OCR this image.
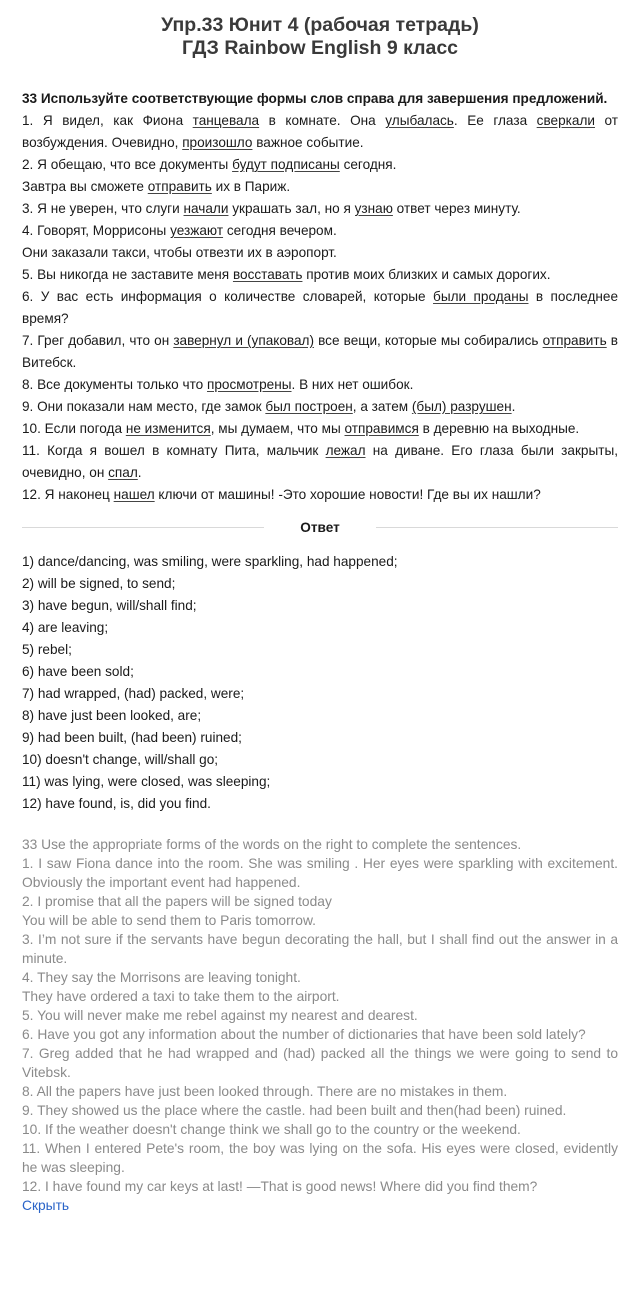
Упр.33 Юнит 4 (рабочая тетрадь)
ГДЗ Rainbow English 9 класс

33 Используйте соответствующие формы слов справа для завершения предложений.

1. Я видел, как Фиона танцевала в комнате. Она улыбалась. Ее глаза сверкали от возбуждения. Очевидно, произошло важное событие.

2. Я обещаю, что все документы будут подписаны сегодня.

Завтра вы сможете отправить их в Париж.

3. Я не уверен, что слуги начали украшать зал, но я узнаю ответ через минуту.

4. Говорят, Моррисоны уезжают сегодня вечером.

Они заказали такси, чтобы отвезти их в аэропорт.

5. Вы никогда не заставите меня восставать против моих близких и самых дорогих.

6. У вас есть информация о количестве словарей, которые были проданы в последнее время?

7. Грег добавил, что он завернул и (упаковал) все вещи, которые мы собирались отправить в Витебск.

8. Все документы только что просмотрены. В них нет ошибок.

9. Они показали нам место, где замок был построен, а затем (был) разрушен.

10. Если погода не изменится, мы думаем, что мы отправимся в деревню на выходные.

11. Когда я вошел в комнату Пита, мальчик лежал на диване. Его глаза были закрыты, очевидно, он спал.

12. Я наконец нашел ключи от машины! -Это хорошие новости! Где вы их нашли?

Ответ
1) dance/dancing, was smiling, were sparkling, had happened;
2) will be signed, to send;
3) have begun, will/shall find;
4) are leaving;
5) rebel;
6) have been sold;
7) had wrapped, (had) packed, were;
8) have just been looked, are;
9) had been built, (had been) ruined;
10) doesn't change, will/shall go;
11) was lying, were closed, was sleeping;
12) have found, is, did you find.

33 Use the appropriate forms of the words on the right to complete the sentences.

1. I saw Fiona dance into the room. She was smiling . Her eyes were sparkling with excitement. Obviously the important event had happened.

2. I promise that all the papers will be signed today

You will be able to send them to Paris tomorrow.

3. I’m not sure if the servants have begun decorating the hall, but I shall find out the answer in a minute.

4. They say the Morrisons are leaving tonight.

They have ordered a taxi to take them to the airport.

5. You will never make me rebel against my nearest and dearest.

6. Have you got any information about the number of dictionaries that have been sold lately?

7. Greg added that he had wrapped and (had) packed all the things we were going to send to Vitebsk.

8. All the papers have just been looked through. There are no mistakes in them.

9. They showed us the place where the castle. had been built and then(had been) ruined.

10. If the weather doesn't change think we shall go to the country or the weekend.

11. When I entered Pete's room, the boy was lying on the sofa. His eyes were closed, evidently he was sleeping.

12. I have found my car keys at last! —That is good news! Where did you find them?

Скрыть
